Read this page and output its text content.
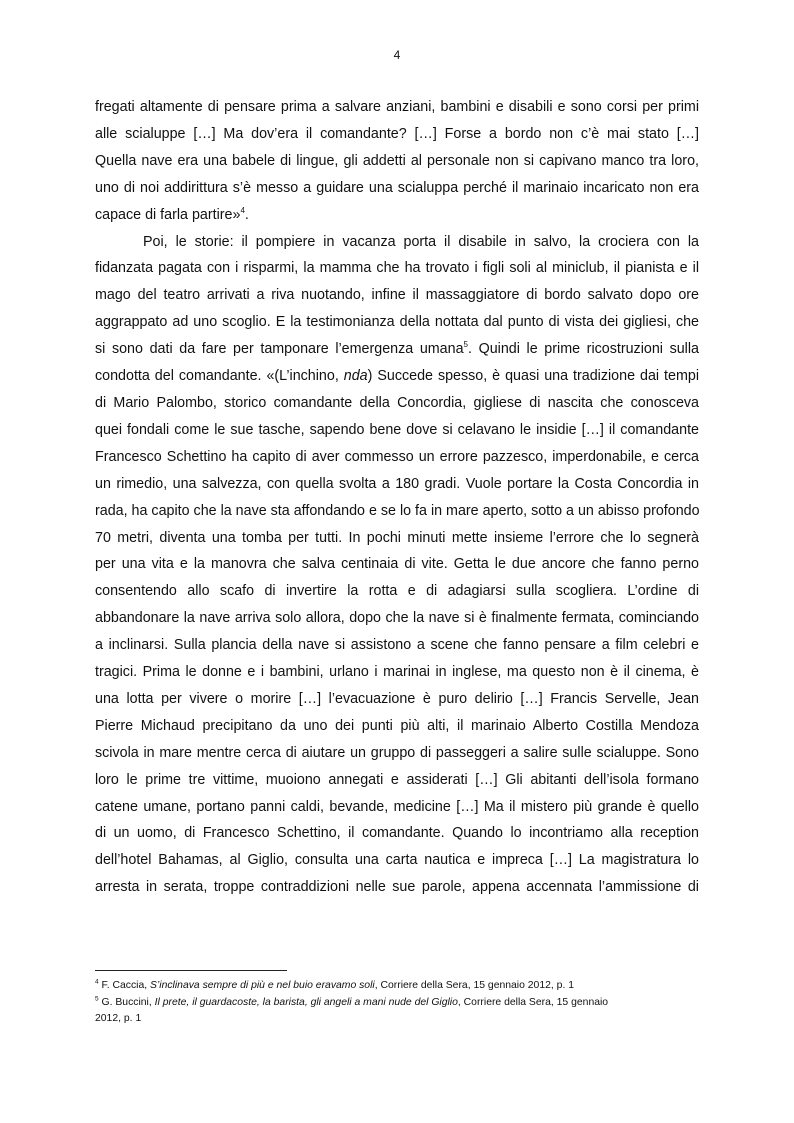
4
fregati altamente di pensare prima a salvare anziani, bambini e disabili e sono corsi per primi
alle scialuppe […] Ma dov’era il comandante? […] Forse a bordo non c’è mai stato […]
Quella nave era una babele di lingue, gli addetti al personale non si capivano manco tra loro,
uno di noi addirittura s’è messo a guidare una scialuppa perché il marinaio incaricato non era
capace di farla partire»$^4$.
Poi, le storie: il pompiere in vacanza porta il disabile in salvo, la crociera con la
fidanzata pagata con i risparmi, la mamma che ha trovato i figli soli al miniclub, il pianista e il
mago del teatro arrivati a riva nuotando, infine il massaggiatore di bordo salvato dopo ore
aggrappato ad uno scoglio. E la testimonianza della nottata dal punto di vista dei gigliesi, che
si sono dati da fare per tamponare l’emergenza umana$^5$. Quindi le prime ricostruzioni sulla
condotta del comandante. «(L’inchino, nda) Succede spesso, è quasi una tradizione dai tempi
di Mario Palombo, storico comandante della Concordia, gigliese di nascita che conosceva
quei fondali come le sue tasche, sapendo bene dove si celavano le insidie […] il comandante
Francesco Schettino ha capito di aver commesso un errore pazzesco, imperdonabile, e cerca
un rimedio, una salvezza, con quella svolta a 180 gradi. Vuole portare la Costa Concordia in
rada, ha capito che la nave sta affondando e se lo fa in mare aperto, sotto a un abisso profondo
70 metri, diventa una tomba per tutti. In pochi minuti mette insieme l’errore che lo segnerà
per una vita e la manovra che salva centinaia di vite. Getta le due ancore che fanno perno
consentendo allo scafo di invertire la rotta e di adagiarsi sulla scogliera. L’ordine di
abbandonare la nave arriva solo allora, dopo che la nave si è finalmente fermata, cominciando
a inclinarsi. Sulla plancia della nave si assistono a scene che fanno pensare a film celebri e
tragici. Prima le donne e i bambini, urlano i marinai in inglese, ma questo non è il cinema, è
una lotta per vivere o morire […] l’evacuazione è puro delirio […] Francis Servelle, Jean
Pierre Michaud precipitano da uno dei punti più alti, il marinaio Alberto Costilla Mendoza
scivola in mare mentre cerca di aiutare un gruppo di passeggeri a salire sulle scialuppe. Sono
loro le prime tre vittime, muoiono annegati e assiderati […] Gli abitanti dell’isola formano
catene umane, portano panni caldi, bevande, medicine […] Ma il mistero più grande è quello
di un uomo, di Francesco Schettino, il comandante. Quando lo incontriamo alla reception
dell’hotel Bahamas, al Giglio, consulta una carta nautica e impreca […] La magistratura lo
arresta in serata, troppe contraddizioni nelle sue parole, appena accennata l’ammissione di
$^4$ F. Caccia, S’inclinava sempre di più e nel buio eravamo soli, Corriere della Sera, 15 gennaio 2012, p. 1
$^5$ G. Buccini, Il prete, il guardacoste, la barista, gli angeli a mani nude del Giglio, Corriere della Sera, 15 gennaio
2012, p. 1
